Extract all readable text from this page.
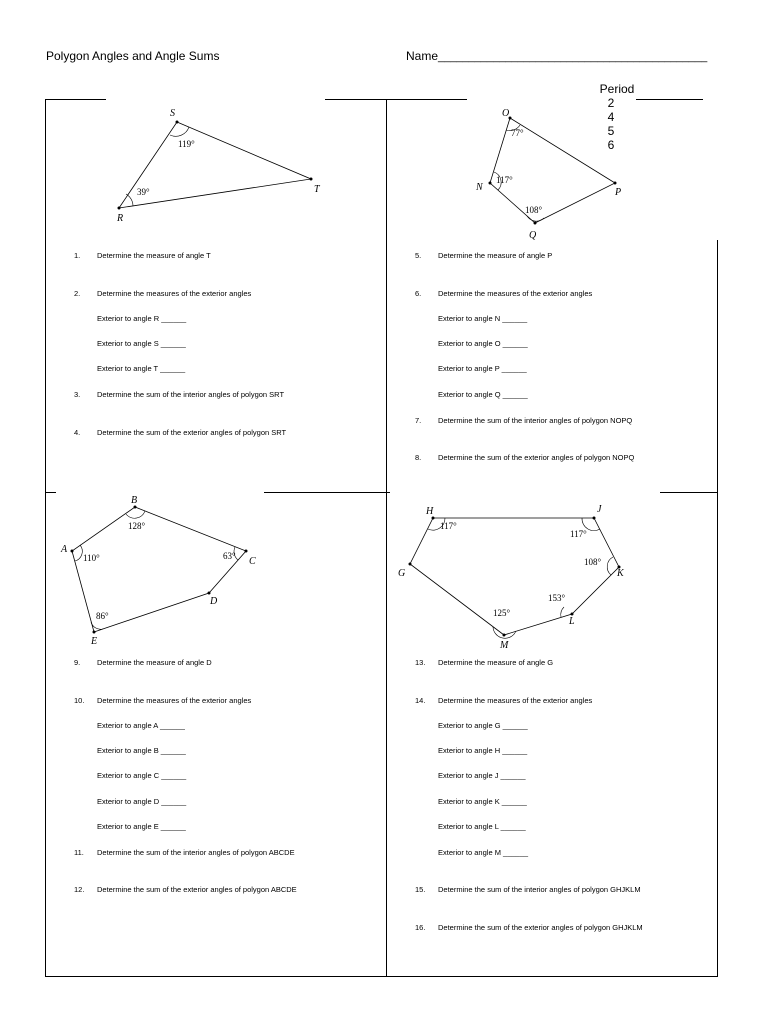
Polygon Angles and Angle Sums	Name____________________________________________

Period
2
4
5
6

S
T
R
119°
39°
1. Determine the measure of angle T
2. Determine the measures of the exterior angles
Exterior to angle R ______
Exterior to angle S ______
Exterior to angle T ______
3. Determine the sum of the interior angles of polygon SRT
4. Determine the sum of the exterior angles of polygon SRT
O
N	P
Q
77°
117°
108°
5. Determine the measure of angle P
6. Determine the measures of the exterior angles
Exterior to angle N ______
Exterior to angle O ______
Exterior to angle P ______
Exterior to angle Q ______
7. Determine the sum of the interior angles of polygon NOPQ
8. Determine the sum of the exterior angles of polygon NOPQ
B
A
C
D
E
128°
110°	63°
86°
9. Determine the measure of angle D
10. Determine the measures of the exterior angles
Exterior to angle A ______
Exterior to angle B ______
Exterior to angle C ______
Exterior to angle D ______
Exterior to angle E ______
11. Determine the sum of the interior angles of polygon ABCDE
12. Determine the sum of the exterior angles of polygon ABCDE
H	J
G	K
L
M
117°
117°
108°
153°
125°
13. Determine the measure of angle G
14. Determine the measures of the exterior angles
Exterior to angle G ______
Exterior to angle H ______
Exterior to angle J ______
Exterior to angle K ______
Exterior to angle L ______
Exterior to angle M ______
15. Determine the sum of the interior angles of polygon GHJKLM
16. Determine the sum of the exterior angles of polygon GHJKLM
